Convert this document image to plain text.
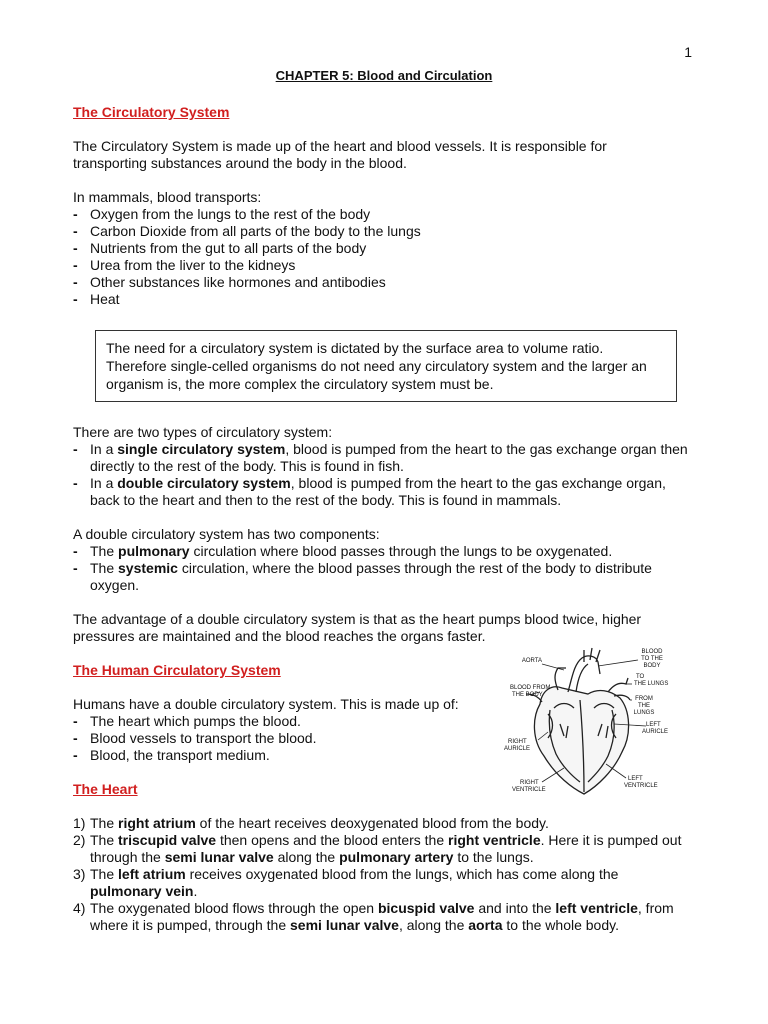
1
CHAPTER 5: Blood and Circulation
The Circulatory System

The Circulatory System is made up of the heart and blood vessels. It is responsible for transporting substances around the body in the blood.

In mammals, blood transports:

- Oxygen from the lungs to the rest of the body
- Carbon Dioxide from all parts of the body to the lungs
- Nutrients from the gut to all parts of the body
- Urea from the liver to the kidneys
- Other substances like hormones and antibodies
- Heat

The need for a circulatory system is dictated by the surface area to volume ratio. Therefore single-celled organisms do not need any circulatory system and the larger an organism is, the more complex the circulatory system must be.

There are two types of circulatory system:

- In a single circulatory system, blood is pumped from the heart to the gas exchange organ then directly to the rest of the body. This is found in fish.
- In a double circulatory system, blood is pumped from the heart to the gas exchange organ, back to the heart and then to the rest of the body. This is found in mammals.

A double circulatory system has two components:

- The pulmonary circulation where blood passes through the lungs to be oxygenated.
- The systemic circulation, where the blood passes through the rest of the body to distribute oxygen.

The advantage of a double circulatory system is that as the heart pumps blood twice, higher pressures are maintained and the blood reaches the organs faster.

The Human Circulatory System

Humans have a double circulatory system. This is made up of:

- The heart which pumps the blood.
- Blood vessels to transport the blood.
- Blood, the transport medium.
The Heart
1) The right atrium of the heart receives deoxygenated blood from the body.
2) The triscupid valve then opens and the blood enters the right ventricle. Here it is pumped out through the semi lunar valve along the pulmonary artery to the lungs.
3) The left atrium receives oxygenated blood from the lungs, which has come along the pulmonary vein.
4) The oxygenated blood flows through the open bicuspid valve and into the left ventricle, from where it is pumped, through the semi lunar valve, along the aorta to the whole body.
AORTA
BLOOD
TO THE
BODY
TO
THE LUNGS
BLOOD FROM
THE BODY
FROM
THE
LUNGS
LEFT
AURICLE
RIGHT
AURICLE
LEFT
VENTRICLE
RIGHT
VENTRICLE
